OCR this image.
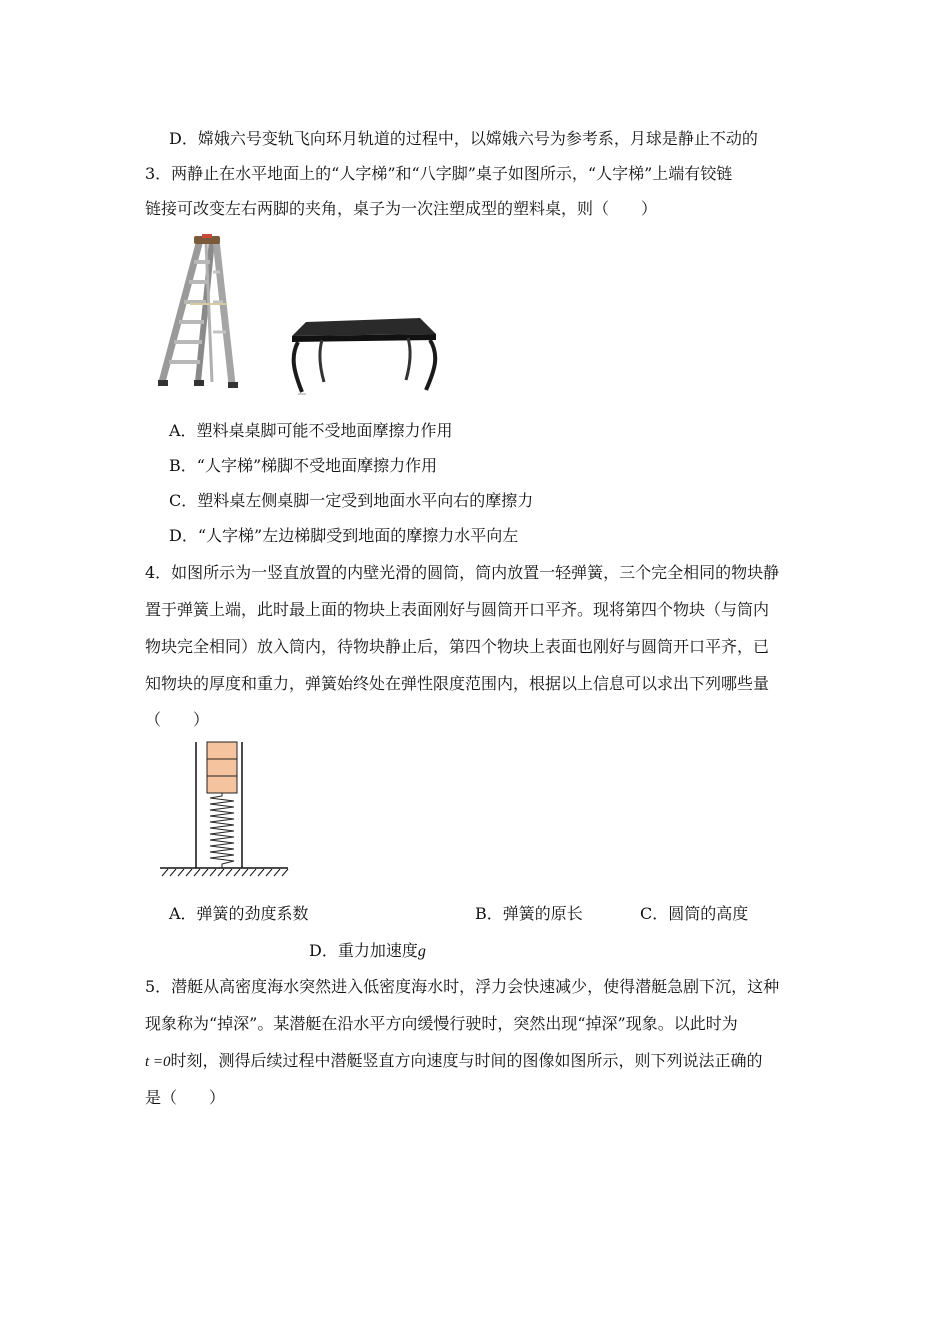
D．嫦娥六号变轨飞向环月轨道的过程中，以嫦娥六号为参考系，月球是静止不动的
3．两静止在水平地面上的“人字梯”和“八字脚”桌子如图所示，“人字梯”上端有铰链
链接可改变左右两脚的夹角，桌子为一次注塑成型的塑料桌，则（　　）
A．塑料桌桌脚可能不受地面摩擦力作用
B．“人字梯”梯脚不受地面摩擦力作用
C．塑料桌左侧桌脚一定受到地面水平向右的摩擦力
D．“人字梯”左边梯脚受到地面的摩擦力水平向左
4．如图所示为一竖直放置的内壁光滑的圆筒，筒内放置一轻弹簧，三个完全相同的物块静
置于弹簧上端，此时最上面的物块上表面刚好与圆筒开口平齐。现将第四个物块（与筒内
物块完全相同）放入筒内，待物块静止后，第四个物块上表面也刚好与圆筒开口平齐，已
知物块的厚度和重力，弹簧始终处在弹性限度范围内，根据以上信息可以求出下列哪些量
（　　）
A．弹簧的劲度系数	B．弹簧的原长	C．圆筒的高度
D．重力加速度g
5．潜艇从高密度海水突然进入低密度海水时，浮力会快速减少，使得潜艇急剧下沉，这种
现象称为“掉深”。某潜艇在沿水平方向缓慢行驶时，突然出现“掉深”现象。以此时为
t =0时刻，测得后续过程中潜艇竖直方向速度与时间的图像如图所示，则下列说法正确的
是（　　）
